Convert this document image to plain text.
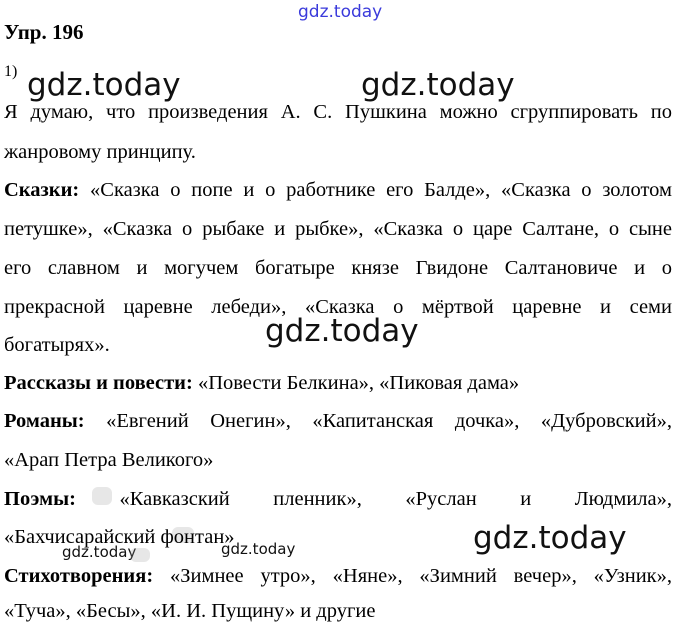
gdz.today
gdz.today	gdz.today
gdz.today
gdz.today
gdz.today	gdz.today
Упр. 196
1)
Я думаю, что произведения А. С. Пушкина можно сгруппировать по
жанровому принципу.
Сказки: «Сказка о попе и о работнике его Балде», «Сказка о золотом
петушке», «Сказка о рыбаке и рыбке», «Сказка о царе Салтане, о сыне
его славном и могучем богатыре князе Гвидоне Салтановиче и о
прекрасной царевне лебеди», «Сказка о мёртвой царевне и семи
богатырях».
Рассказы и повести: «Повести Белкина», «Пиковая дама»
Романы: «Евгений Онегин», «Капитанская дочка», «Дубровский»,
«Арап Петра Великого»
Поэмы: «Кавказский пленник», «Руслан и Людмила»,
«Бахчисарайский фонтан»
Стихотворения: «Зимнее утро», «Няне», «Зимний вечер», «Узник»,
«Туча», «Бесы», «И. И. Пущину» и другие
